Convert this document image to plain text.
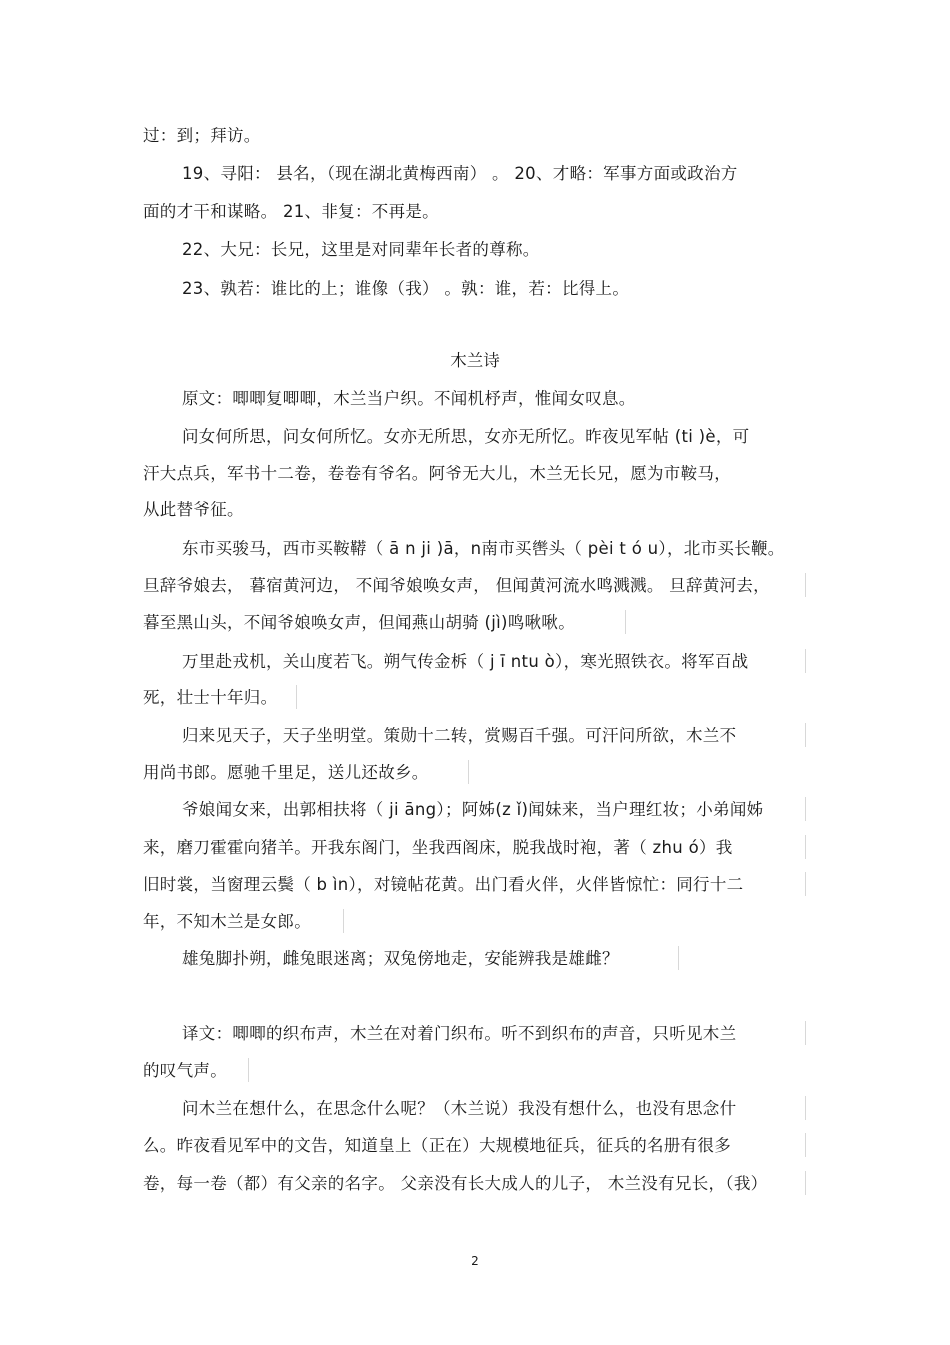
过：到；拜访。
19、寻阳： 县名，（现在湖北黄梅西南） 。 20、才略：军事方面或政治方
面的才干和谋略。 21、非复：不再是。
22、大兄：长兄，这里是对同辈年长者的尊称。
23、孰若：谁比的上；谁像（我） 。孰：谁，若：比得上。
木兰诗
原文：唧唧复唧唧，木兰当户织。不闻机杼声，惟闻女叹息。
问女何所思，问女何所忆。女亦无所思，女亦无所忆。昨夜见军帖 (ti )è，可
汗大点兵，军书十二卷，卷卷有爷名。阿爷无大儿，木兰无长兄，愿为市鞍马，
从此替爷征。
东市买骏马，西市买鞍鞯（ ā n ji )ā，n南市买辔头（ pèi t ó u），北市买长鞭。
旦辞爷娘去， 暮宿黄河边， 不闻爷娘唤女声， 但闻黄河流水鸣溅溅。 旦辞黄河去，
暮至黑山头，不闻爷娘唤女声，但闻燕山胡骑 (jì)鸣啾啾。
万里赴戎机，关山度若飞。朔气传金柝（ j ī ntu ò），寒光照铁衣。将军百战
死，壮士十年归。
归来见天子，天子坐明堂。策勋十二转，赏赐百千强。可汗问所欲，木兰不
用尚书郎。愿驰千里足，送儿还故乡。
爷娘闻女来，出郭相扶将（ ji āng）；阿姊(z ǐ)闻妹来，当户理红妆；小弟闻姊
来，磨刀霍霍向猪羊。开我东阁门，坐我西阁床，脱我战时袍，著（ zhu ó）我
旧时裳，当窗理云鬓（ b ìn），对镜帖花黄。出门看火伴，火伴皆惊忙：同行十二
年，不知木兰是女郎。
雄兔脚扑朔，雌兔眼迷离；双兔傍地走，安能辨我是雄雌？
译文：唧唧的织布声，木兰在对着门织布。听不到织布的声音，只听见木兰
的叹气声。
问木兰在想什么，在思念什么呢？（木兰说）我没有想什么，也没有思念什
么。昨夜看见军中的文告，知道皇上（正在）大规模地征兵，征兵的名册有很多
卷，每一卷（都）有父亲的名字。 父亲没有长大成人的儿子， 木兰没有兄长，（我）
2
